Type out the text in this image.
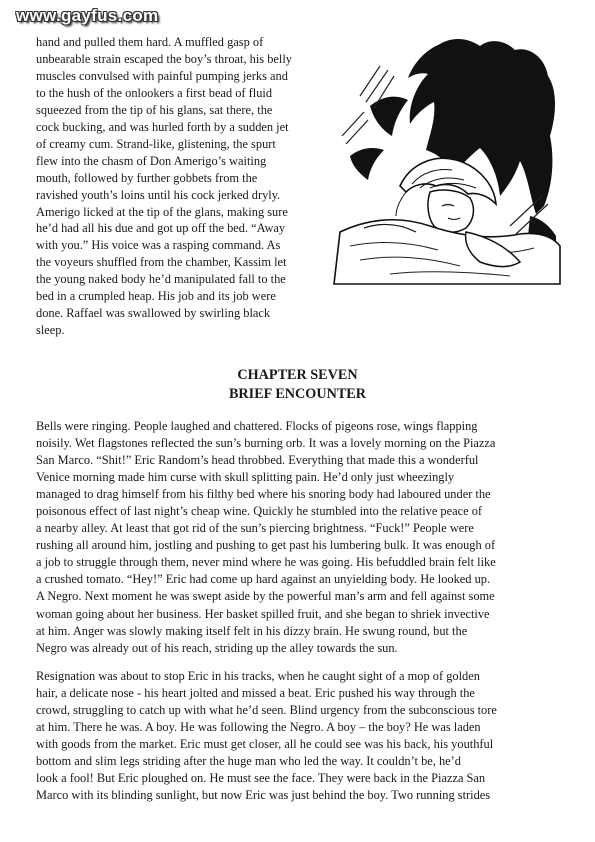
www.gayfus.com
hand and pulled them hard. A muffled gasp of
unbearable strain escaped the boy’s throat, his belly
muscles convulsed with painful pumping jerks and
to the hush of the onlookers a first bead of fluid
squeezed from the tip of his glans, sat there, the
cock bucking, and was hurled forth by a sudden jet
of creamy cum. Strand-like, glistening, the spurt
flew into the chasm of Don Amerigo’s waiting
mouth, followed by further gobbets from the
ravished youth’s loins until his cock jerked dryly.
Amerigo licked at the tip of the glans, making sure
he’d had all his due and got up off the bed. “Away
with you.” His voice was a rasping command. As
the voyeurs shuffled from the chamber, Kassim let
the young naked body he’d manipulated fall to the
bed in a crumpled heap. His job and its job were
done. Raffael was swallowed by swirling black
sleep.
CHAPTER SEVEN
BRIEF ENCOUNTER
Bells were ringing. People laughed and chattered. Flocks of pigeons rose, wings flapping
noisily. Wet flagstones reflected the sun’s burning orb. It was a lovely morning on the Piazza
San Marco. “Shit!” Eric Random’s head throbbed. Everything that made this a wonderful
Venice morning made him curse with skull splitting pain. He’d only just wheezingly
managed to drag himself from his filthy bed where his snoring body had laboured under the
poisonous effect of last night’s cheap wine. Quickly he stumbled into the relative peace of
a nearby alley. At least that got rid of the sun’s piercing brightness. “Fuck!” People were
rushing all around him, jostling and pushing to get past his lumbering bulk. It was enough of
a job to struggle through them, never mind where he was going. His befuddled brain felt like
a crushed tomato. “Hey!” Eric had come up hard against an unyielding body. He looked up.
A Negro. Next moment he was swept aside by the powerful man’s arm and fell against some
woman going about her business. Her basket spilled fruit, and she began to shriek invective
at him. Anger was slowly making itself felt in his dizzy brain. He swung round, but the
Negro was already out of his reach, striding up the alley towards the sun.
Resignation was about to stop Eric in his tracks, when he caught sight of a mop of golden
hair, a delicate nose - his heart jolted and missed a beat. Eric pushed his way through the
crowd, struggling to catch up with what he’d seen. Blind urgency from the subconscious tore
at him. There he was. A boy. He was following the Negro. A boy – the boy? He was laden
with goods from the market. Eric must get closer, all he could see was his back, his youthful
bottom and slim legs striding after the huge man who led the way. It couldn’t be, he’d
look a fool! But Eric ploughed on. He must see the face. They were back in the Piazza San
Marco with its blinding sunlight, but now Eric was just behind the boy. Two running strides
